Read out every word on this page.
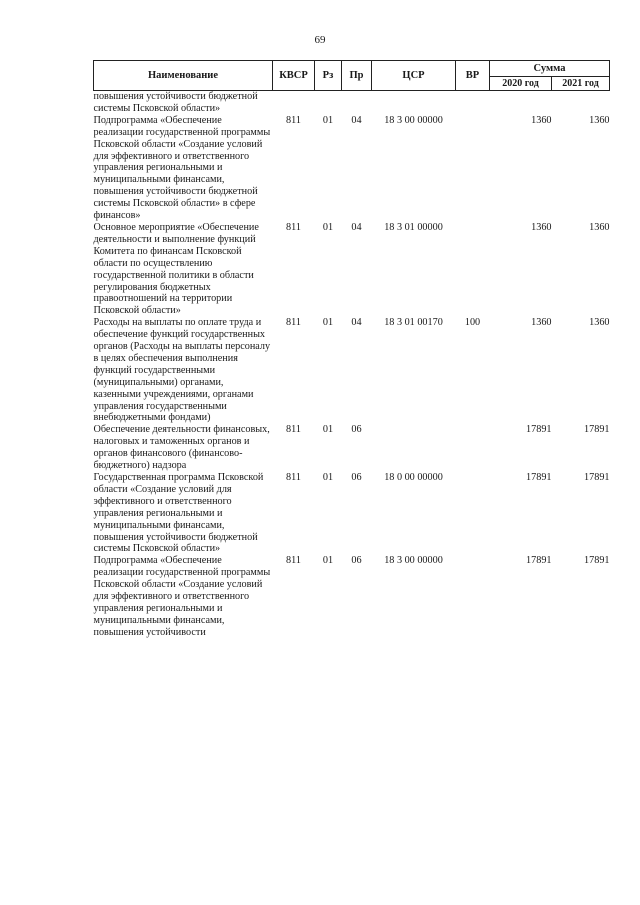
69
Наименование	КВСР	Рз	Пр	ЦСР	ВР	Сумма	
						2020 год	2021 год
повышения устойчивости бюджетной системы Псковской области»							
Подпрограмма «Обеспечение реализации государственной программы Псковской области «Создание условий для эффективного и ответственного управления региональными и муниципальными финансами, повышения устойчивости бюджетной системы Псковской области» в сфере финансов»	811	01	04	18 3 00 00000		1360	1360
Основное мероприятие «Обеспечение деятельности и выполнение функций Комитета по финансам Псковской области по осуществлению государственной политики в области регулирования бюджетных правоотношений на территории Псковской области»	811	01	04	18 3 01 00000		1360	1360
Расходы на выплаты по оплате труда и обеспечение функций государственных органов (Расходы на выплаты персоналу в целях обеспечения выполнения функций государственными (муниципальными) органами, казенными учреждениями, органами управления государственными внебюджетными фондами)	811	01	04	18 3 01 00170	100	1360	1360
Обеспечение деятельности финансовых, налоговых и таможенных органов и органов финансового (финансово-бюджетного) надзора	811	01	06			17891	17891
Государственная программа Псковской области «Создание условий для эффективного и ответственного управления региональными и муниципальными финансами, повышения устойчивости бюджетной системы Псковской области»	811	01	06	18 0 00 00000		17891	17891
Подпрограмма «Обеспечение реализации государственной программы Псковской области «Создание условий для эффективного и ответственного управления региональными и муниципальными финансами, повышения устойчивости	811	01	06	18 3 00 00000		17891	17891
